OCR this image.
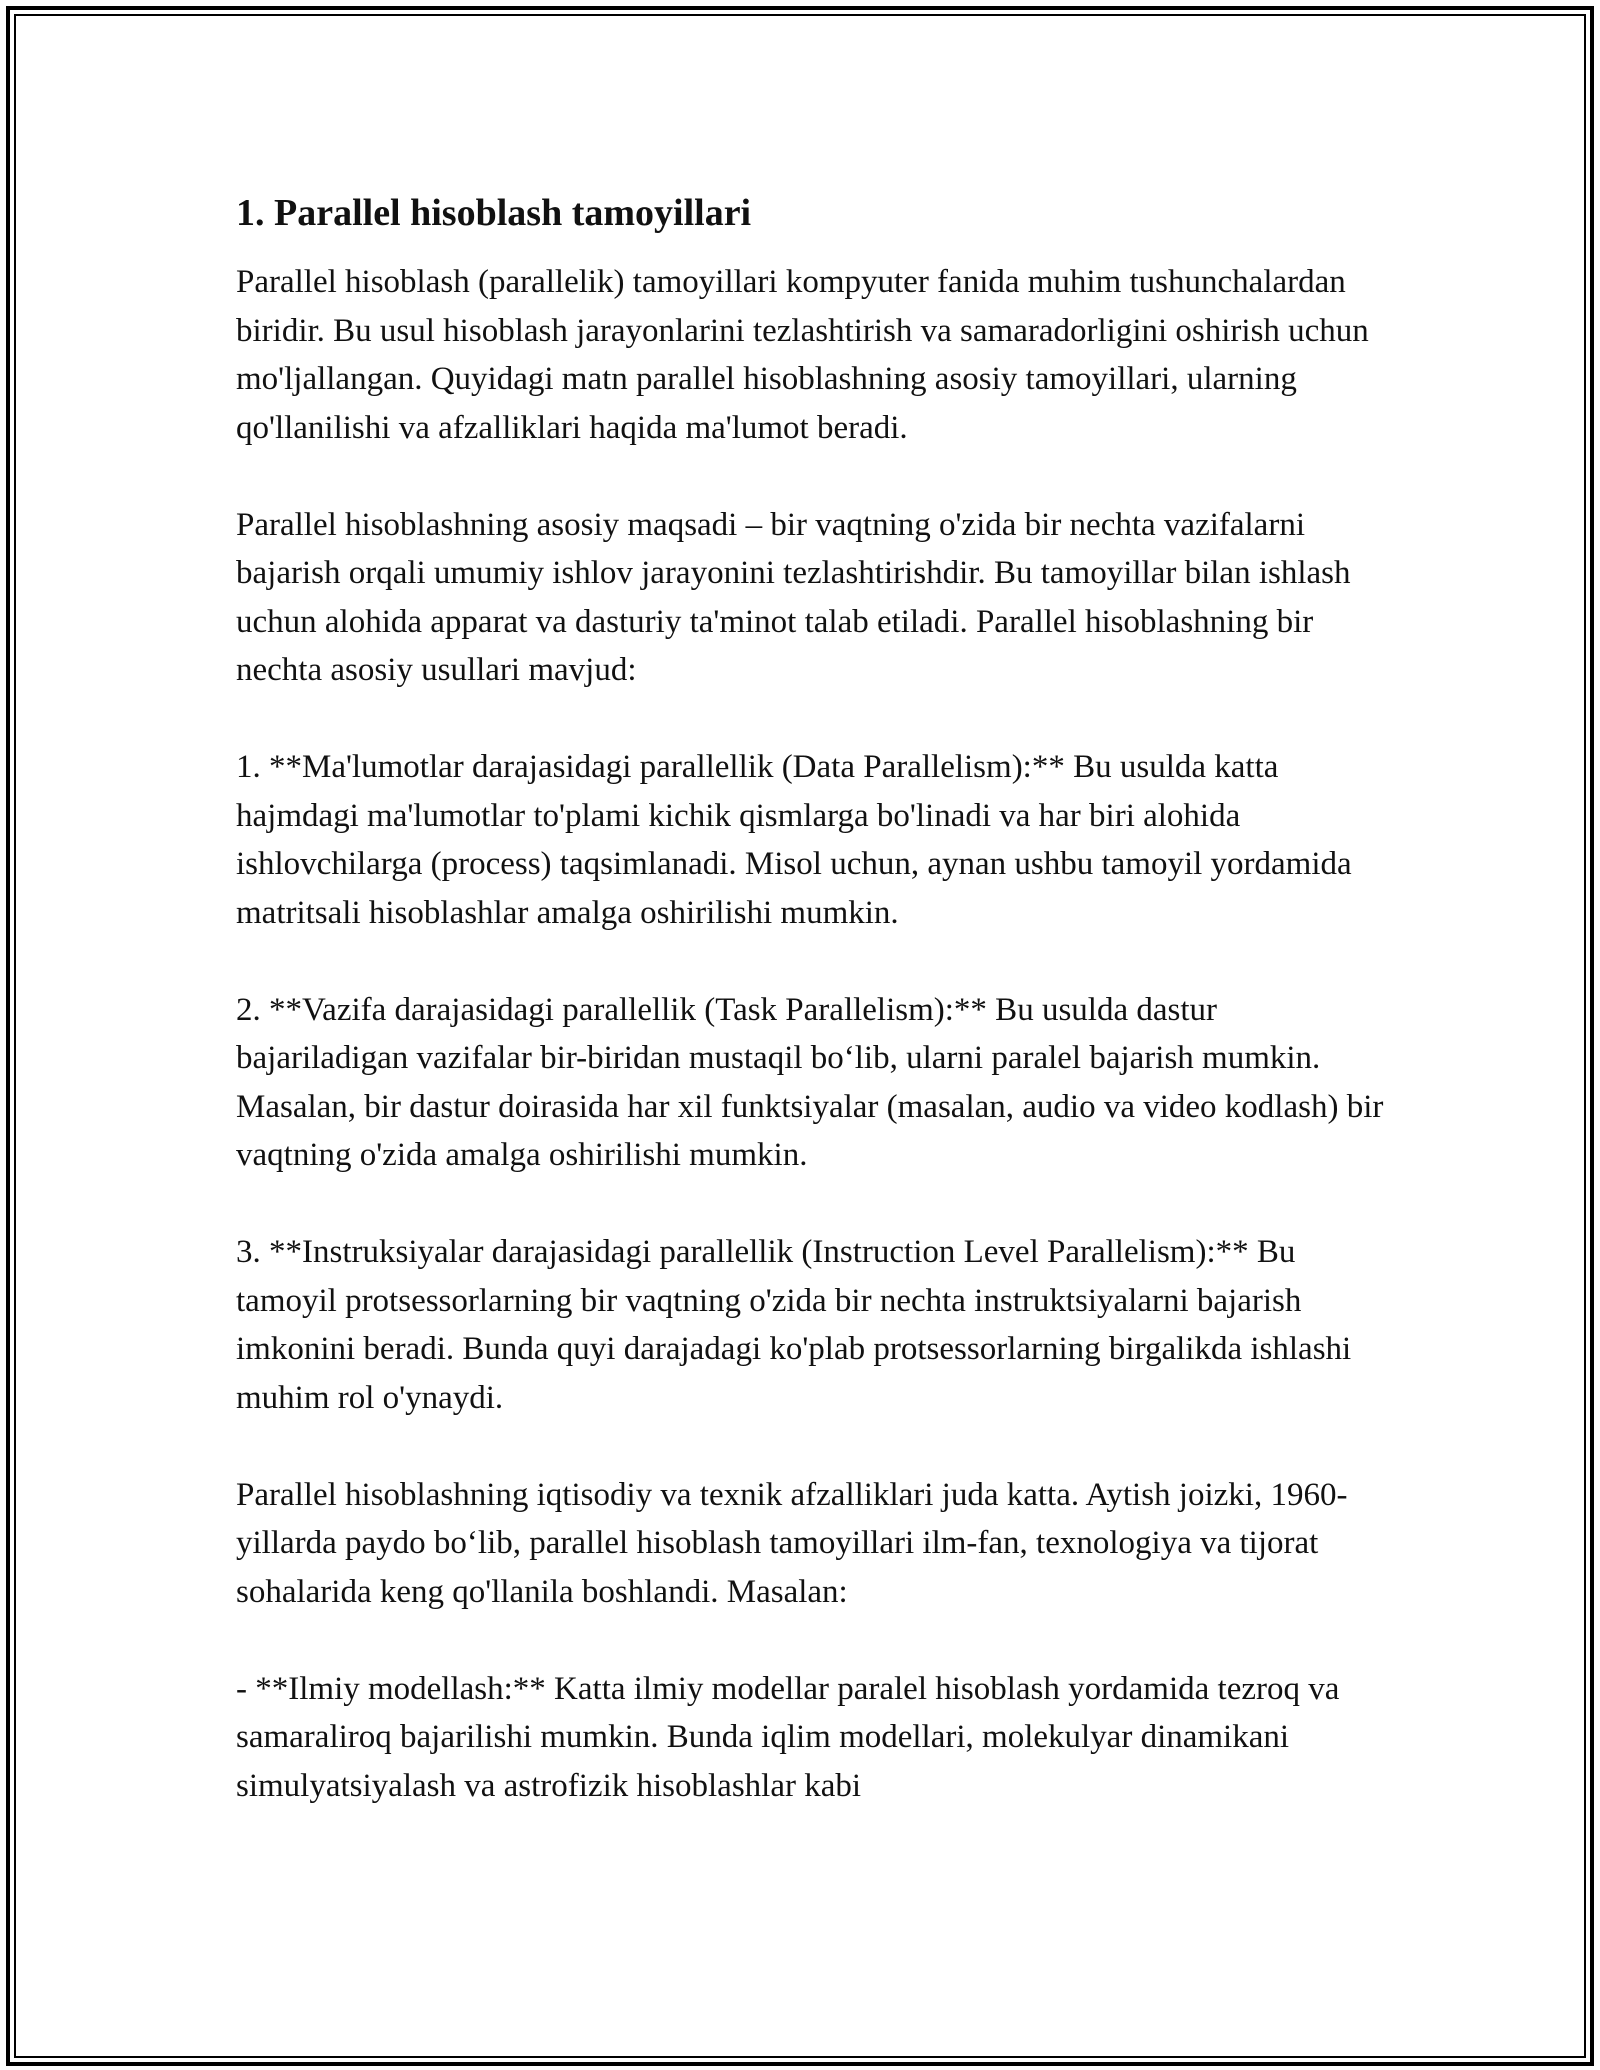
1. Parallel hisoblash tamoyillari

Parallel hisoblash (parallelik) tamoyillari kompyuter fanida muhim tushunchalardan biridir. Bu usul hisoblash jarayonlarini tezlashtirish va samaradorligini oshirish uchun mo'ljallangan. Quyidagi matn parallel hisoblashning asosiy tamoyillari, ularning qo'llanilishi va afzalliklari haqida ma'lumot beradi.

Parallel hisoblashning asosiy maqsadi – bir vaqtning o'zida bir nechta vazifalarni bajarish orqali umumiy ishlov jarayonini tezlashtirishdir. Bu tamoyillar bilan ishlash uchun alohida apparat va dasturiy ta'minot talab etiladi. Parallel hisoblashning bir nechta asosiy usullari mavjud:

1. **Ma'lumotlar darajasidagi parallellik (Data Parallelism):** Bu usulda katta hajmdagi ma'lumotlar to'plami kichik qismlarga bo'linadi va har biri alohida ishlovchilarga (process) taqsimlanadi. Misol uchun, aynan ushbu tamoyil yordamida matritsali hisoblashlar amalga oshirilishi mumkin.

2. **Vazifa darajasidagi parallellik (Task Parallelism):** Bu usulda dastur bajariladigan vazifalar bir-biridan mustaqil bo‘lib, ularni paralel bajarish mumkin. Masalan, bir dastur doirasida har xil funktsiyalar (masalan, audio va video kodlash) bir vaqtning o'zida amalga oshirilishi mumkin.

3. **Instruksiyalar darajasidagi parallellik (Instruction Level Parallelism):** Bu tamoyil protsessorlarning bir vaqtning o'zida bir nechta instruktsiyalarni bajarish imkonini beradi. Bunda quyi darajadagi ko'plab protsessorlarning birgalikda ishlashi muhim rol o'ynaydi.

Parallel hisoblashning iqtisodiy va texnik afzalliklari juda katta. Aytish joizki, 1960-yillarda paydo bo‘lib, parallel hisoblash tamoyillari ilm-fan, texnologiya va tijorat sohalarida keng qo'llanila boshlandi. Masalan:

- **Ilmiy modellash:** Katta ilmiy modellar paralel hisoblash yordamida tezroq va samaraliroq bajarilishi mumkin. Bunda iqlim modellari, molekulyar dinamikani simulyatsiyalash va astrofizik hisoblashlar kabi
